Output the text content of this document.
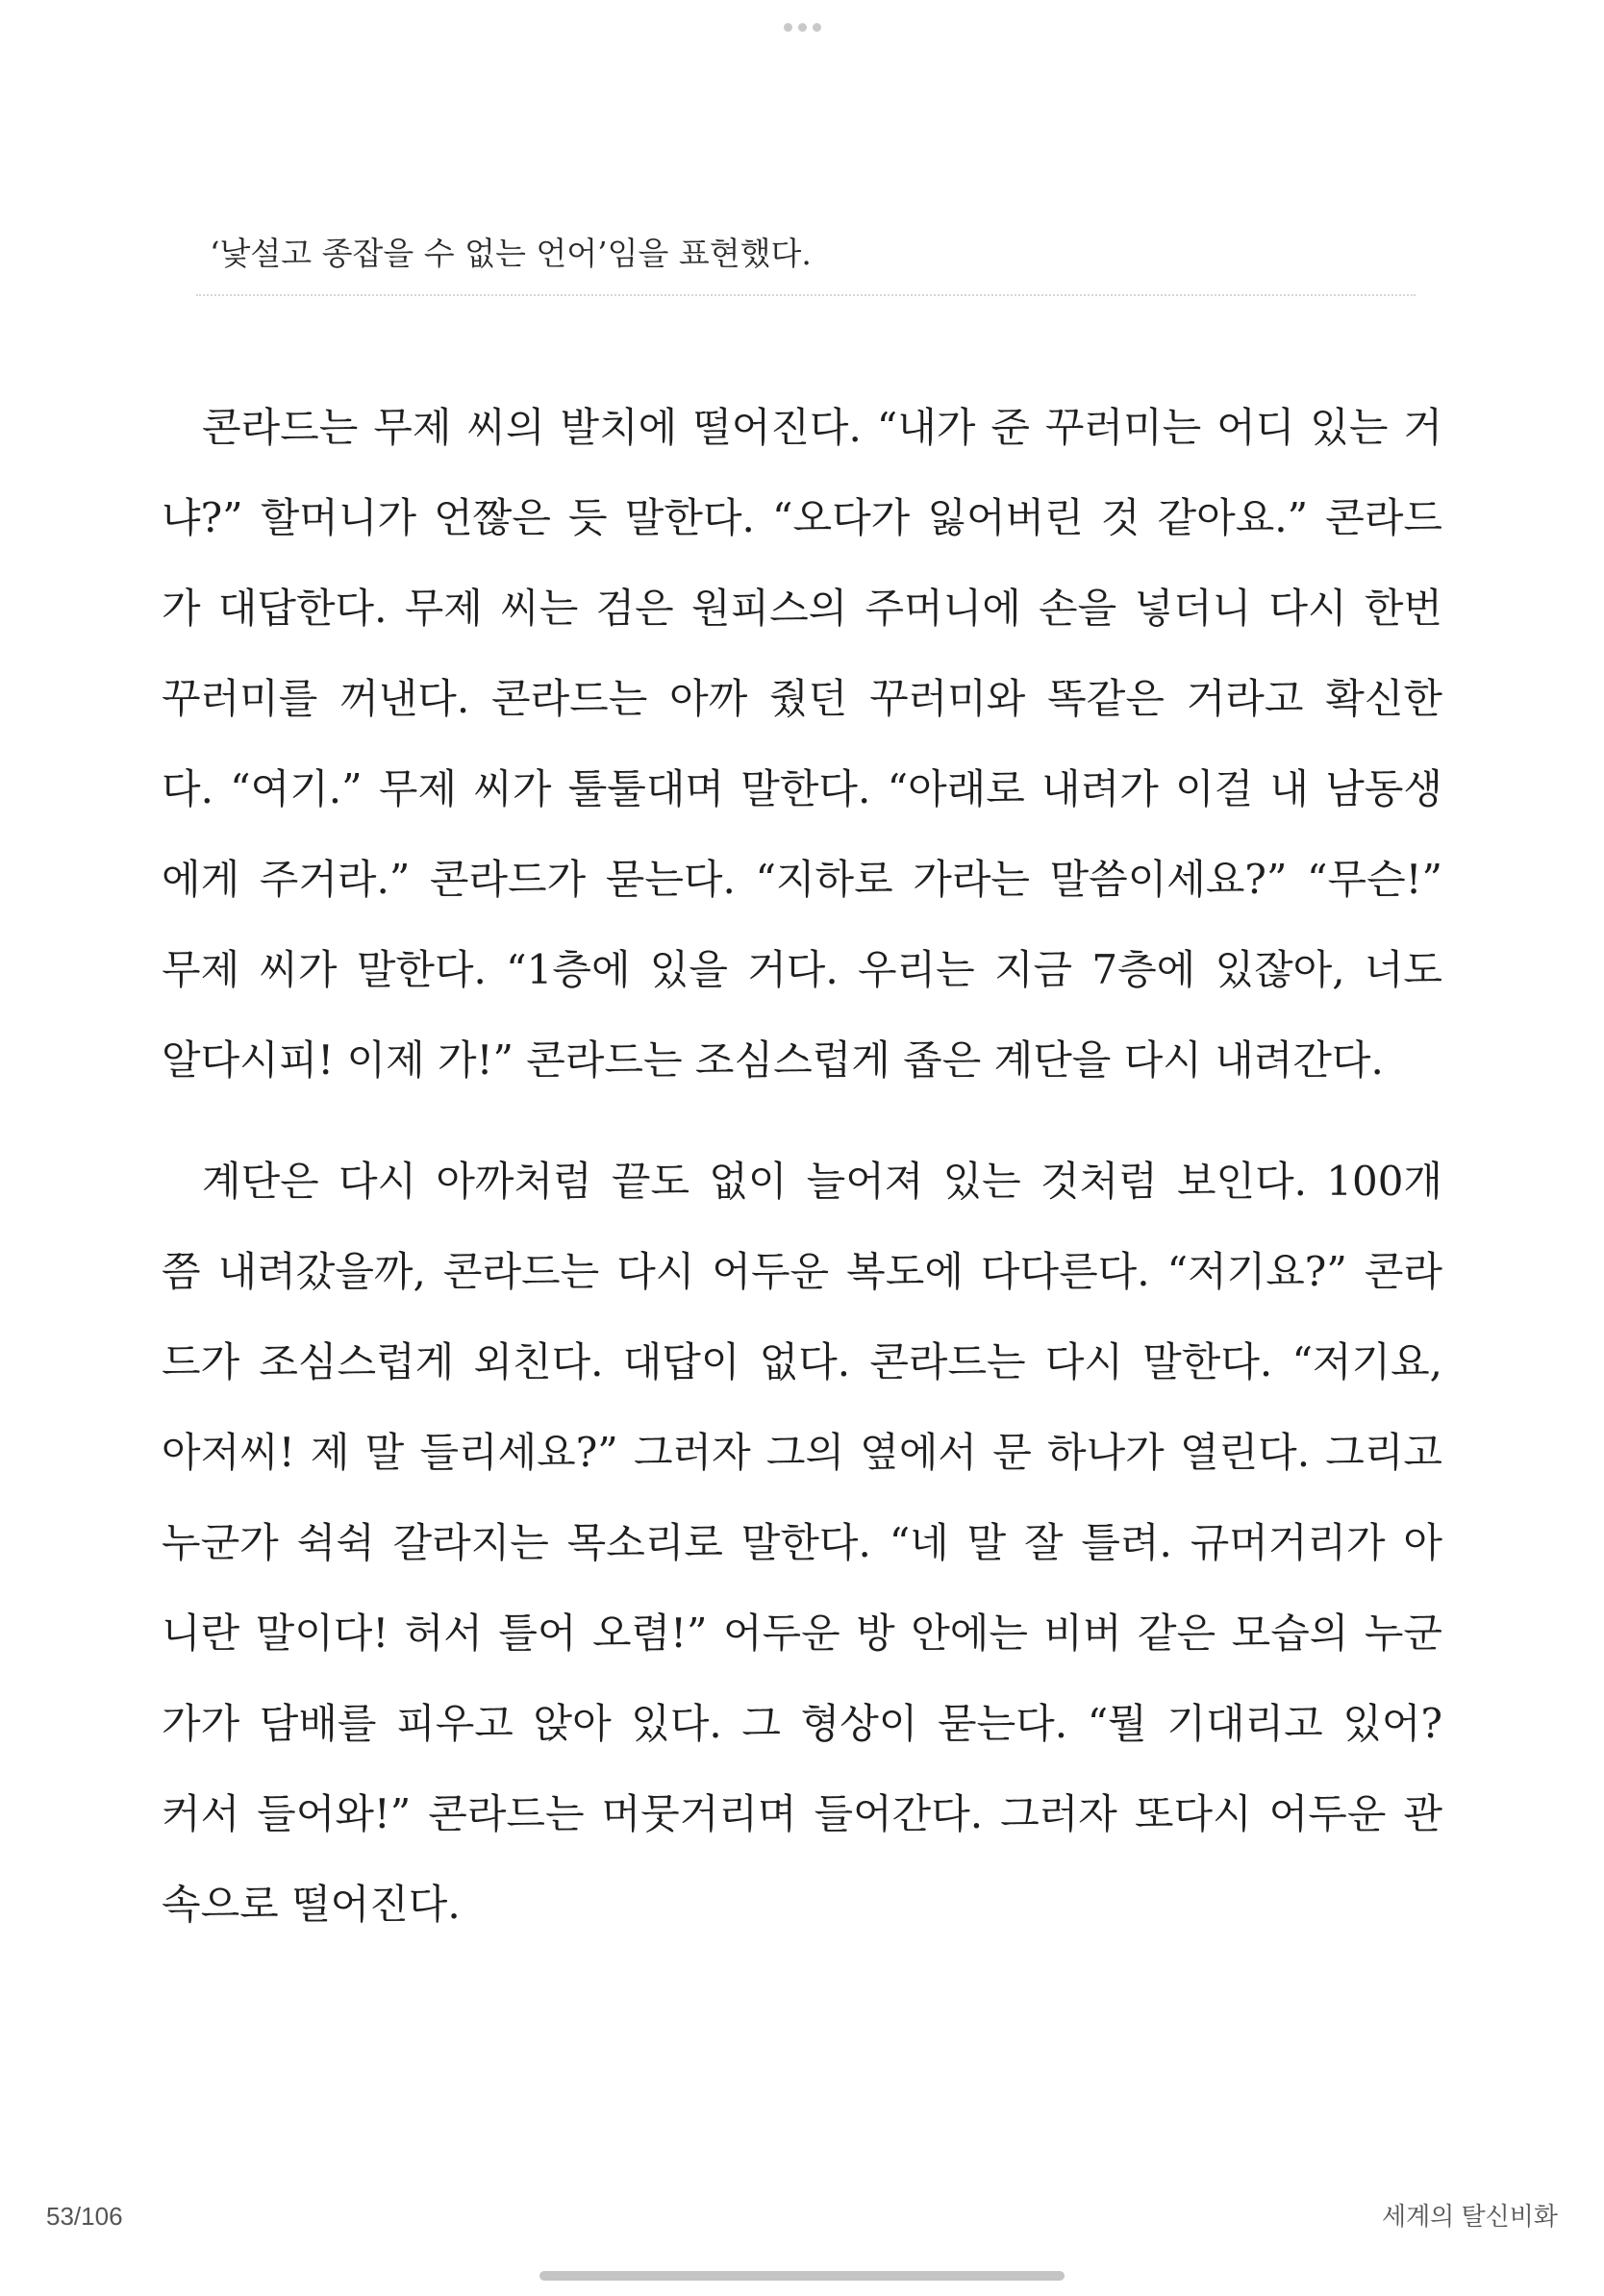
‘낯설고 종잡을 수 없는 언어’임을 표현했다.
콘라드는 무제 씨의 발치에 떨어진다. “내가 준 꾸러미는 어디 있는 거
냐?” 할머니가 언짢은 듯 말한다. “오다가 잃어버린 것 같아요.” 콘라드
가 대답한다. 무제 씨는 검은 원피스의 주머니에 손을 넣더니 다시 한번
꾸러미를 꺼낸다. 콘라드는 아까 줬던 꾸러미와 똑같은 거라고 확신한
다. “여기.” 무제 씨가 툴툴대며 말한다. “아래로 내려가 이걸 내 남동생
에게 주거라.” 콘라드가 묻는다. “지하로 가라는 말씀이세요?” “무슨!”
무제 씨가 말한다. “1층에 있을 거다. 우리는 지금 7층에 있잖아, 너도
알다시피! 이제 가!” 콘라드는 조심스럽게 좁은 계단을 다시 내려간다.
계단은 다시 아까처럼 끝도 없이 늘어져 있는 것처럼 보인다. 100개
쯤 내려갔을까, 콘라드는 다시 어두운 복도에 다다른다. “저기요?” 콘라
드가 조심스럽게 외친다. 대답이 없다. 콘라드는 다시 말한다. “저기요,
아저씨! 제 말 들리세요?” 그러자 그의 옆에서 문 하나가 열린다. 그리고
누군가 쉭쉭 갈라지는 목소리로 말한다. “네 말 잘 틀려. 규머거리가 아
니란 말이다! 허서 틀어 오렴!” 어두운 방 안에는 비버 같은 모습의 누군
가가 담배를 피우고 앉아 있다. 그 형상이 묻는다. “뭘 기대리고 있어?
커서 들어와!” 콘라드는 머뭇거리며 들어간다. 그러자 또다시 어두운 관
속으로 떨어진다.
53/106	세계의 탈신비화
